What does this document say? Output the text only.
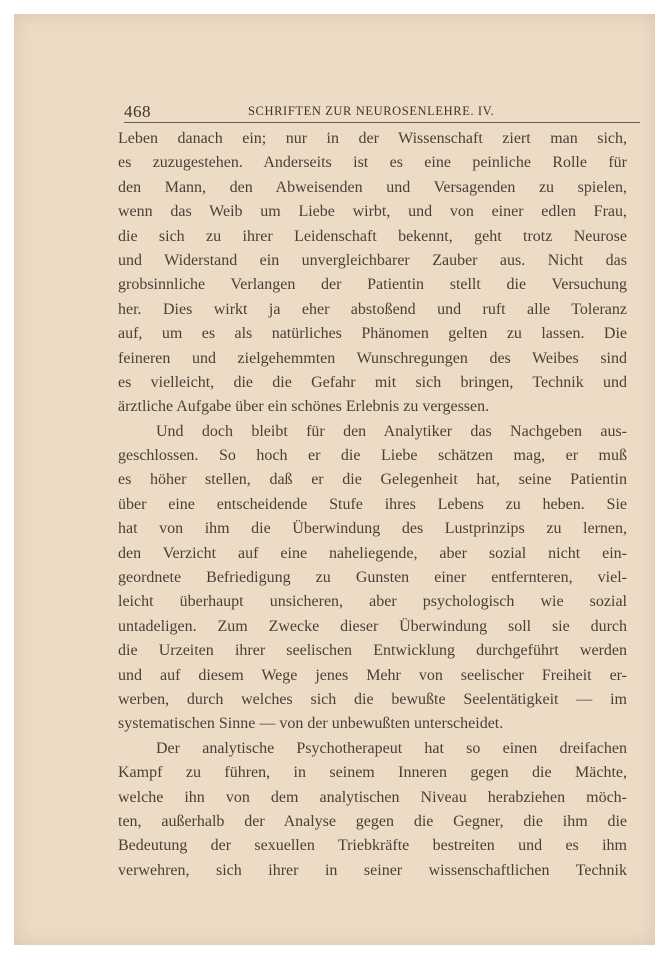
468	SCHRIFTEN ZUR NEUROSENLEHRE. IV.
Leben danach ein; nur in der Wissenschaft ziert man sich,
es zuzugestehen. Anderseits ist es eine peinliche Rolle für
den Mann, den Abweisenden und Versagenden zu spielen,
wenn das Weib um Liebe wirbt, und von einer edlen Frau,
die sich zu ihrer Leidenschaft bekennt, geht trotz Neurose
und Widerstand ein unvergleichbarer Zauber aus. Nicht das
grobsinnliche Verlangen der Patientin stellt die Versuchung
her. Dies wirkt ja eher abstoßend und ruft alle Toleranz
auf, um es als natürliches Phänomen gelten zu lassen. Die
feineren und zielgehemmten Wunschregungen des Weibes sind
es vielleicht, die die Gefahr mit sich bringen, Technik und
ärztliche Aufgabe über ein schönes Erlebnis zu vergessen.
Und doch bleibt für den Analytiker das Nachgeben aus-
geschlossen. So hoch er die Liebe schätzen mag, er muß
es höher stellen, daß er die Gelegenheit hat, seine Patientin
über eine entscheidende Stufe ihres Lebens zu heben. Sie
hat von ihm die Überwindung des Lustprinzips zu lernen,
den Verzicht auf eine naheliegende, aber sozial nicht ein-
geordnete Befriedigung zu Gunsten einer entfernteren, viel-
leicht überhaupt unsicheren, aber psychologisch wie sozial
untadeligen. Zum Zwecke dieser Überwindung soll sie durch
die Urzeiten ihrer seelischen Entwicklung durchgeführt werden
und auf diesem Wege jenes Mehr von seelischer Freiheit er-
werben, durch welches sich die bewußte Seelentätigkeit — im
systematischen Sinne — von der unbewußten unterscheidet.
Der analytische Psychotherapeut hat so einen dreifachen
Kampf zu führen, in seinem Inneren gegen die Mächte,
welche ihn von dem analytischen Niveau herabziehen möch-
ten, außerhalb der Analyse gegen die Gegner, die ihm die
Bedeutung der sexuellen Triebkräfte bestreiten und es ihm
verwehren, sich ihrer in seiner wissenschaftlichen Technik
